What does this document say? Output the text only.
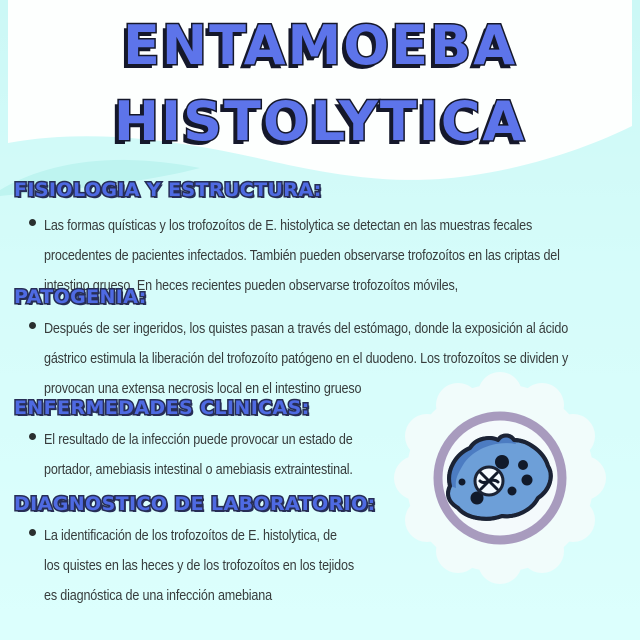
ENTAMOEBA
HISTOLYTICA
FISIOLOGIA Y ESTRUCTURA:
Las formas quísticas y los trofozoítos de E. histolytica se detectan en las muestras fecales
procedentes de pacientes infectados. También pueden observarse trofozoítos en las criptas del
intestino grueso. En heces recientes pueden observarse trofozoítos móviles,
PATOGENIA:
Después de ser ingeridos, los quistes pasan a través del estómago, donde la exposición al ácido
gástrico estimula la liberación del trofozoíto patógeno en el duodeno. Los trofozoítos se dividen y
provocan una extensa necrosis local en el intestino grueso
ENFERMEDADES CLINICAS:
El resultado de la infección puede provocar un estado de
portador, amebiasis intestinal o amebiasis extraintestinal.
DIAGNOSTICO DE LABORATORIO:
La identificación de los trofozoítos de E. histolytica, de
los quistes en las heces y de los trofozoítos en los tejidos
es diagnóstica de una infección amebiana
